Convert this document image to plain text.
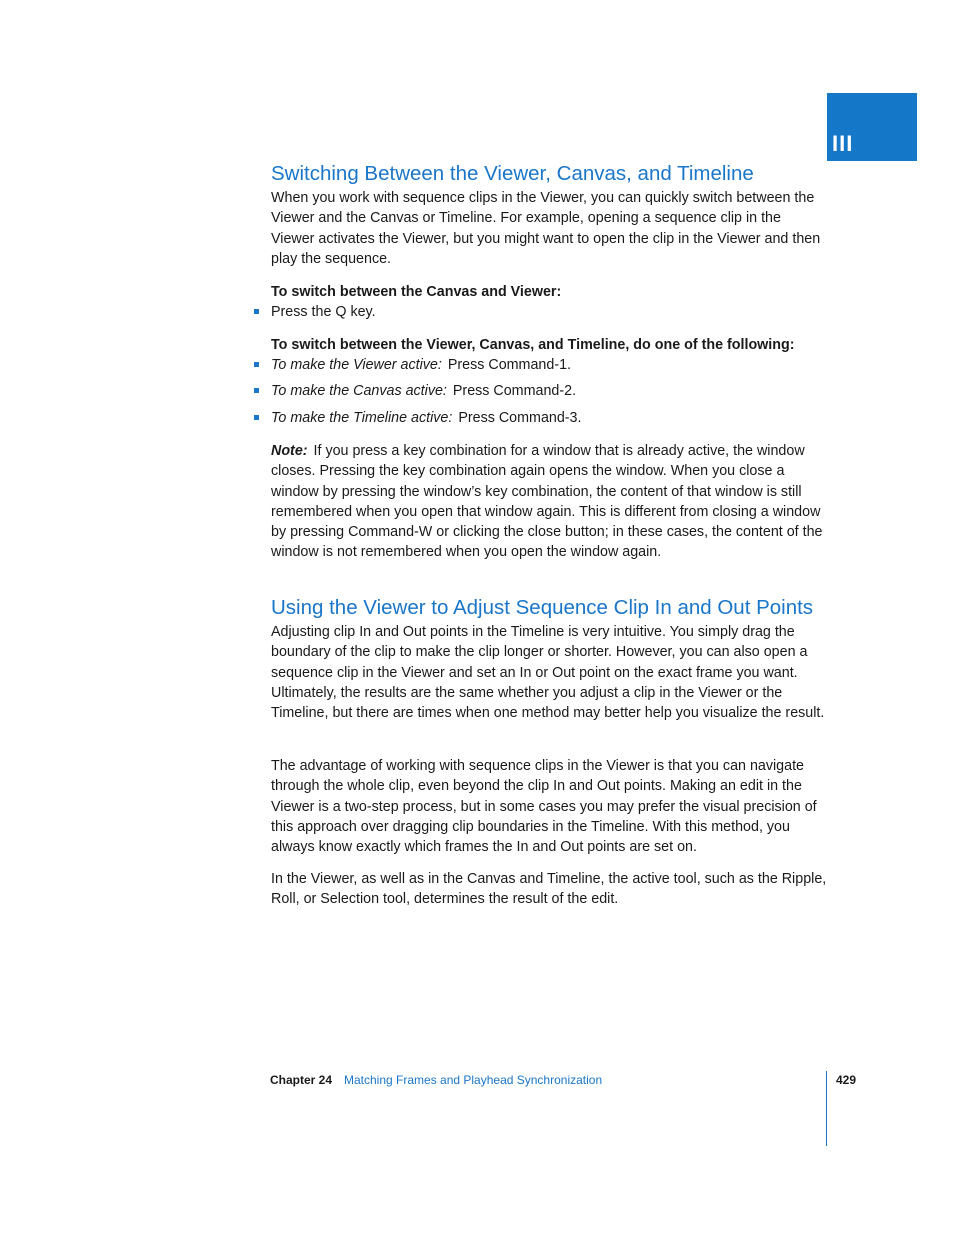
III
Switching Between the Viewer, Canvas, and Timeline

When you work with sequence clips in the Viewer, you can quickly switch between the Viewer and the Canvas or Timeline. For example, opening a sequence clip in the Viewer activates the Viewer, but you might want to open the clip in the Viewer and then play the sequence.

To switch between the Canvas and Viewer:

Press the Q key.

To switch between the Viewer, Canvas, and Timeline, do one of the following:

To make the Viewer active: Press Command-1.
To make the Canvas active: Press Command-2.
To make the Timeline active: Press Command-3.

Note: If you press a key combination for a window that is already active, the window closes. Pressing the key combination again opens the window. When you close a window by pressing the window’s key combination, the content of that window is still remembered when you open that window again. This is different from closing a window by pressing Command-W or clicking the close button; in these cases, the content of the window is not remembered when you open the window again.

Using the Viewer to Adjust Sequence Clip In and Out Points

Adjusting clip In and Out points in the Timeline is very intuitive. You simply drag the boundary of the clip to make the clip longer or shorter. However, you can also open a sequence clip in the Viewer and set an In or Out point on the exact frame you want. Ultimately, the results are the same whether you adjust a clip in the Viewer or the Timeline, but there are times when one method may better help you visualize the result.

The advantage of working with sequence clips in the Viewer is that you can navigate through the whole clip, even beyond the clip In and Out points. Making an edit in the Viewer is a two-step process, but in some cases you may prefer the visual precision of this approach over dragging clip boundaries in the Timeline. With this method, you always know exactly which frames the In and Out points are set on.

In the Viewer, as well as in the Canvas and Timeline, the active tool, such as the Ripple, Roll, or Selection tool, determines the result of the edit.

Chapter 24 Matching Frames and Playhead Synchronization	429
